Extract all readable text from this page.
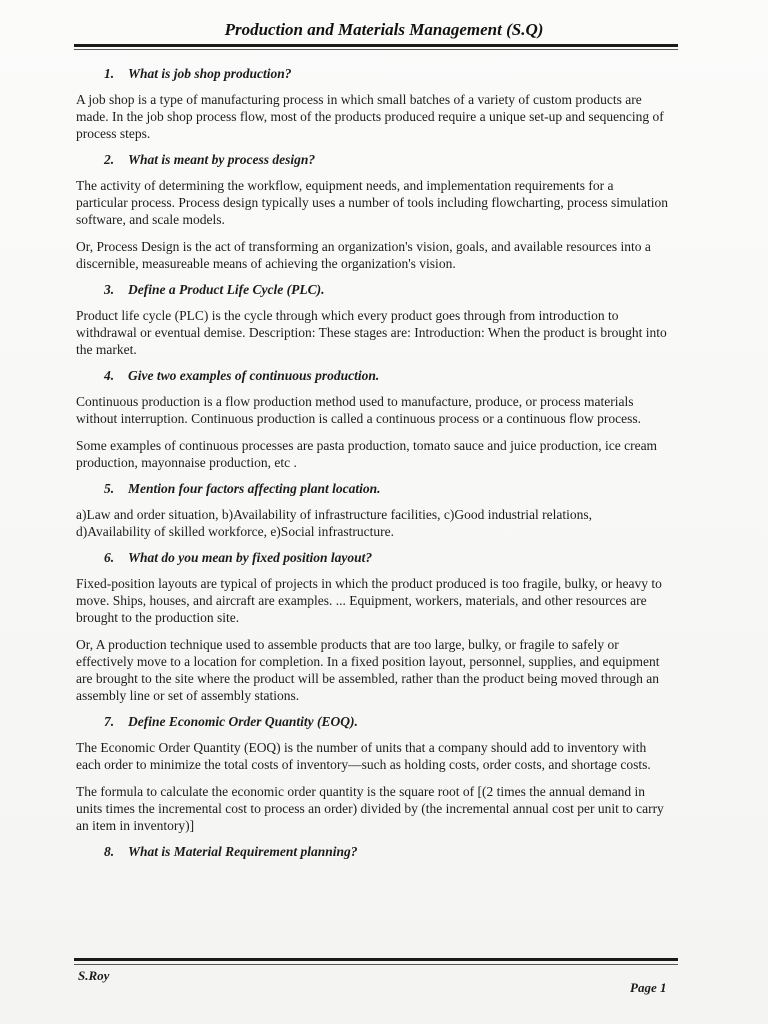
Production and Materials Management (S.Q)
1. What is job shop production?
A job shop is a type of manufacturing process in which small batches of a variety of custom products are made. In the job shop process flow, most of the products produced require a unique set-up and sequencing of process steps.
2. What is meant by process design?
The activity of determining the workflow, equipment needs, and implementation requirements for a particular process. Process design typically uses a number of tools including flowcharting, process simulation software, and scale models.
Or, Process Design is the act of transforming an organization's vision, goals, and available resources into a discernible, measureable means of achieving the organization's vision.
3. Define a Product Life Cycle (PLC).
Product life cycle (PLC) is the cycle through which every product goes through from introduction to withdrawal or eventual demise. Description: These stages are: Introduction: When the product is brought into the market.
4. Give two examples of continuous production.
Continuous production is a flow production method used to manufacture, produce, or process materials without interruption. Continuous production is called a continuous process or a continuous flow process.
Some examples of continuous processes are pasta production, tomato sauce and juice production, ice cream production, mayonnaise production, etc .
5. Mention four factors affecting plant location.
a)Law and order situation, b)Availability of infrastructure facilities, c)Good industrial relations, d)Availability of skilled workforce, e)Social infrastructure.
6. What do you mean by fixed position layout?
Fixed-position layouts are typical of projects in which the product produced is too fragile, bulky, or heavy to move. Ships, houses, and aircraft are examples. ... Equipment, workers, materials, and other resources are brought to the production site.
Or, A production technique used to assemble products that are too large, bulky, or fragile to safely or effectively move to a location for completion. In a fixed position layout, personnel, supplies, and equipment are brought to the site where the product will be assembled, rather than the product being moved through an assembly line or set of assembly stations.
7. Define Economic Order Quantity (EOQ).
The Economic Order Quantity (EOQ) is the number of units that a company should add to inventory with each order to minimize the total costs of inventory—such as holding costs, order costs, and shortage costs.
The formula to calculate the economic order quantity is the square root of [(2 times the annual demand in units times the incremental cost to process an order) divided by (the incremental annual cost per unit to carry an item in inventory)]
8. What is Material Requirement planning?
S.Roy
Page 1
